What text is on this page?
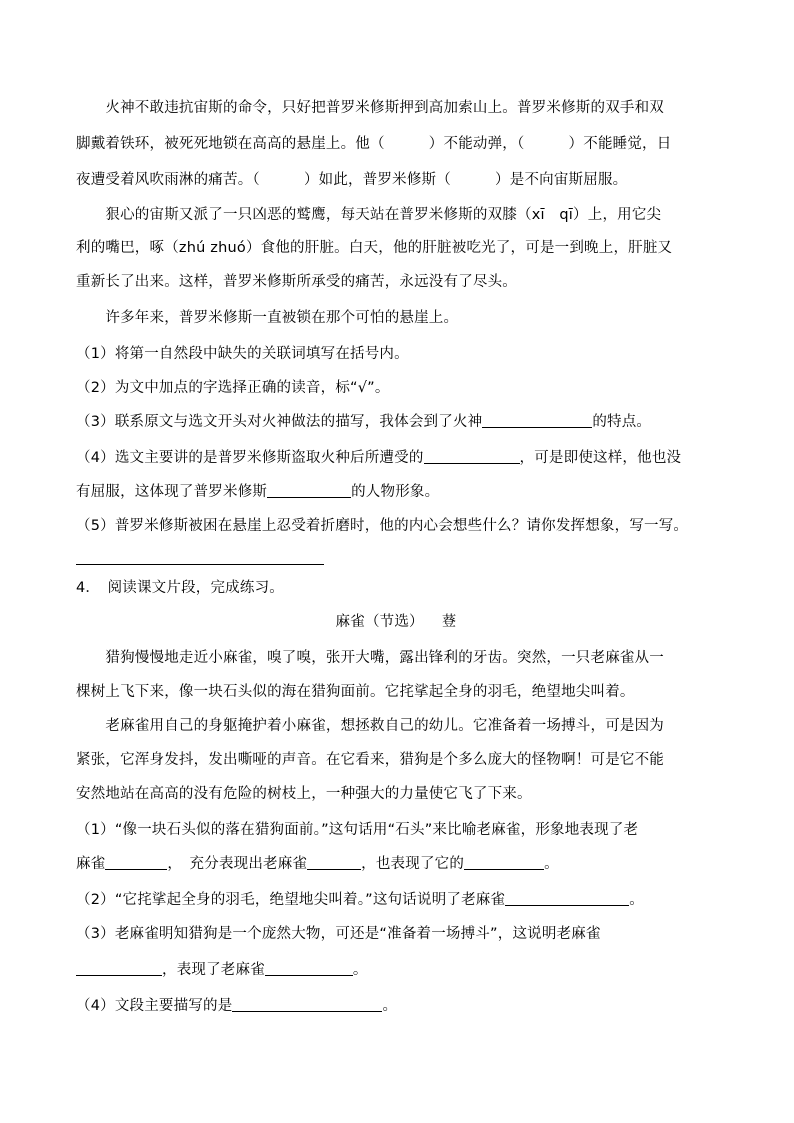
　　火神不敢违抗宙斯的命令，只好把普罗米修斯押到高加索山上。普罗米修斯的双手和双
脚戴着铁环，被死死地锁在高高的悬崖上。他（　　　）不能动弹，（　　　）不能睡觉，日
夜遭受着风吹雨淋的痛苦。（　　　）如此，普罗米修斯（　　　）是不向宙斯屈服。
　　狠心的宙斯又派了一只凶恶的鹫鹰，每天站在普罗米修斯的双膝（xī　qī）上，用它尖
利的嘴巴，啄（zhú zhuó）食他的肝脏。白天，他的肝脏被吃光了，可是一到晚上，肝脏又
重新长了出来。这样，普罗米修斯所承受的痛苦，永远没有了尽头。
　　许多年来，普罗米修斯一直被锁在那个可怕的悬崖上。
（1）将第一自然段中缺失的关联词填写在括号内。
（2）为文中加点的字选择正确的读音，标“√”。
（3）联系原文与选文开头对火神做法的描写，我体会到了火神	的特点。
（4）选文主要讲的是普罗米修斯盗取火种后所遭受的	，可是即使这样，他也没
有屈服，这体现了普罗米修斯	的人物形象。
（5）普罗米修斯被困在悬崖上忍受着折磨时，他的内心会想些什么？请你发挥想象，写一写。
4．　阅读课文片段，完成练习。
麻雀（节选） 䔲
　　猎狗慢慢地走近小麻雀，嗅了嗅，张开大嘴，露出锋利的牙齿。突然，一只老麻雀从一
棵树上飞下来，像一块石头似的海在猎狗面前。它挓挲起全身的羽毛，绝望地尖叫着。
　　老麻雀用自己的身躯掩护着小麻雀，想拯救自己的幼儿。它准备着一场搏斗，可是因为
紧张，它浑身发抖，发出嘶哑的声音。在它看来，猎狗是个多么庞大的怪物啊！可是它不能
安然地站在高高的没有危险的树枝上，一种强大的力量使它飞了下来。
（1）“像一块石头似的落在猎狗面前。”这句话用“石头”来比喻老麻雀，形象地表现了老
麻雀	，　充分表现出老麻雀	，也表现了它的	。
（2）“它挓挲起全身的羽毛，绝望地尖叫着。”这句话说明了老麻雀	。
（3）老麻雀明知猎狗是一个庞然大物，可还是“准备着一场搏斗”，这说明老麻雀
，表现了老麻雀	。
（4）文段主要描写的是	。
